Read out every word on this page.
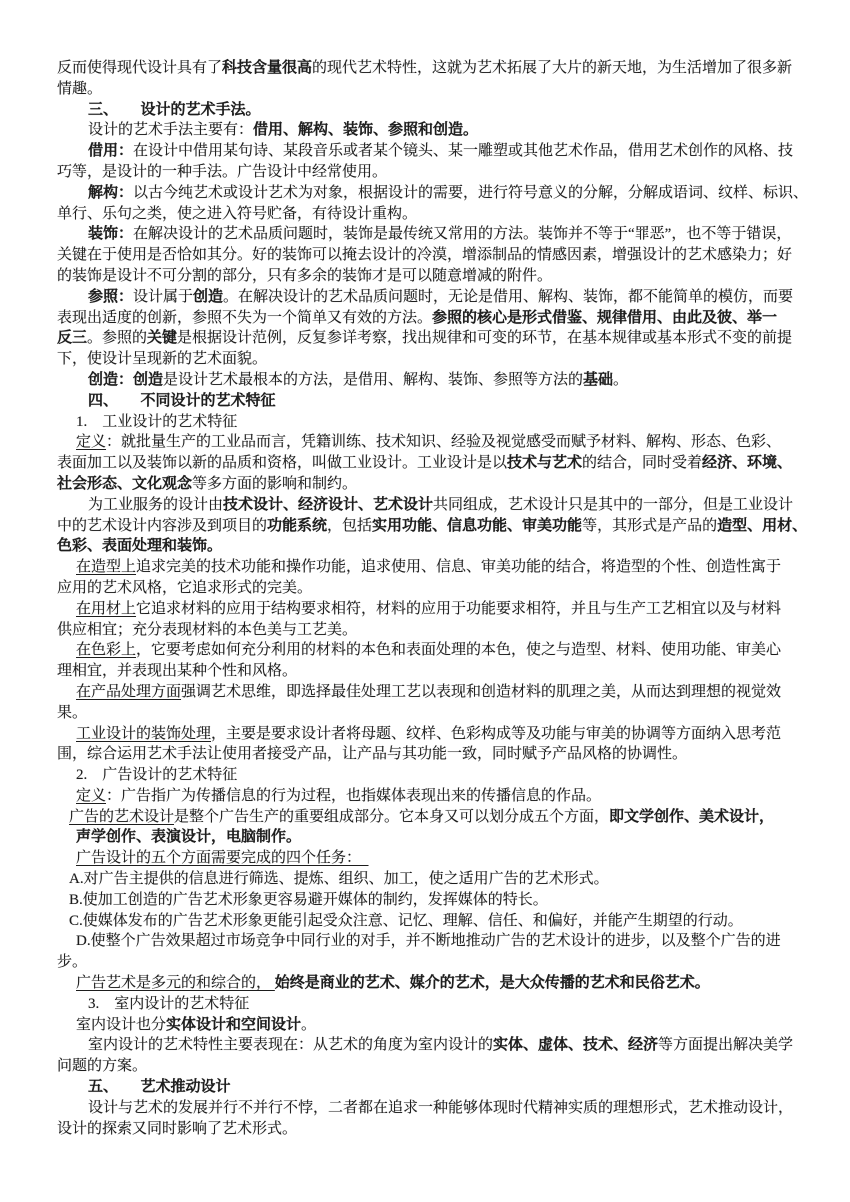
反而使得现代设计具有了科技含量很高的现代艺术特性，这就为艺术拓展了大片的新天地，为生活增加了很多新
情趣。
三、　　设计的艺术手法。
设计的艺术手法主要有：借用、解构、装饰、参照和创造。
借用：在设计中借用某句诗、某段音乐或者某个镜头、某一雕塑或其他艺术作品，借用艺术创作的风格、技
巧等，是设计的一种手法。广告设计中经常使用。
解构：以古今纯艺术或设计艺术为对象，根据设计的需要，进行符号意义的分解，分解成语词、纹样、标识、
单行、乐句之类，使之进入符号贮备，有待设计重构。
装饰：在解决设计的艺术品质问题时，装饰是最传统又常用的方法。装饰并不等于“罪恶”，也不等于错误，
关键在于使用是否恰如其分。好的装饰可以掩去设计的冷漠，增添制品的情感因素，增强设计的艺术感染力；好
的装饰是设计不可分割的部分，只有多余的装饰才是可以随意增减的附件。
参照：设计属于创造。在解决设计的艺术品质问题时，无论是借用、解构、装饰，都不能简单的模仿，而要
表现出适度的创新，参照不失为一个简单又有效的方法。参照的核心是形式借鉴、规律借用、由此及彼、举一
反三。参照的关键是根据设计范例，反复参详考察，找出规律和可变的环节，在基本规律或基本形式不变的前提
下，使设计呈现新的艺术面貌。
创造：创造是设计艺术最根本的方法，是借用、解构、装饰、参照等方法的基础。
四、　　不同设计的艺术特征
1.　工业设计的艺术特征
定义：就批量生产的工业品而言，凭籍训练、技术知识、经验及视觉感受而赋予材料、解构、形态、色彩、
表面加工以及装饰以新的品质和资格，叫做工业设计。工业设计是以技术与艺术的结合，同时受着经济、环境、
社会形态、文化观念等多方面的影响和制约。
为工业服务的设计由技术设计、经济设计、艺术设计共同组成，艺术设计只是其中的一部分，但是工业设计
中的艺术设计内容涉及到项目的功能系统，包括实用功能、信息功能、审美功能等，其形式是产品的造型、用材、
色彩、表面处理和装饰。
在造型上追求完美的技术功能和操作功能，追求使用、信息、审美功能的结合，将造型的个性、创造性寓于
应用的艺术风格，它追求形式的完美。
在用材上它追求材料的应用于结构要求相符，材料的应用于功能要求相符，并且与生产工艺相宜以及与材料
供应相宜；充分表现材料的本色美与工艺美。
在色彩上，它要考虑如何充分利用的材料的本色和表面处理的本色，使之与造型、材料、使用功能、审美心
理相宜，并表现出某种个性和风格。
在产品处理方面强调艺术思维，即选择最佳处理工艺以表现和创造材料的肌理之美，从而达到理想的视觉效
果。
工业设计的装饰处理，主要是要求设计者将母题、纹样、色彩构成等及功能与审美的协调等方面纳入思考范
围，综合运用艺术手法让使用者接受产品，让产品与其功能一致，同时赋予产品风格的协调性。
2.　广告设计的艺术特征
定义：广告指广为传播信息的行为过程，也指媒体表现出来的传播信息的作品。
广告的艺术设计是整个广告生产的重要组成部分。它本身又可以划分成五个方面，即文学创作、美术设计，
声学创作、表演设计，电脑制作。
广告设计的五个方面需要完成的四个任务：
A.对广告主提供的信息进行筛选、提炼、组织、加工，使之适用广告的艺术形式。
B.使加工创造的广告艺术形象更容易避开媒体的制约，发挥媒体的特长。
C.使媒体发布的广告艺术形象更能引起受众注意、记忆、理解、信任、和偏好，并能产生期望的行动。
D.使整个广告效果超过市场竞争中同行业的对手，并不断地推动广告的艺术设计的进步，以及整个广告的进
步。
广告艺术是多元的和综合的， 始终是商业的艺术、媒介的艺术，是大众传播的艺术和民俗艺术。
3.　室内设计的艺术特征
室内设计也分实体设计和空间设计。
室内设计的艺术特性主要表现在：从艺术的角度为室内设计的实体、虚体、技术、经济等方面提出解决美学
问题的方案。
五、　　艺术推动设计
设计与艺术的发展并行不并行不悖，二者都在追求一种能够体现时代精神实质的理想形式，艺术推动设计，
设计的探索又同时影响了艺术形式。
